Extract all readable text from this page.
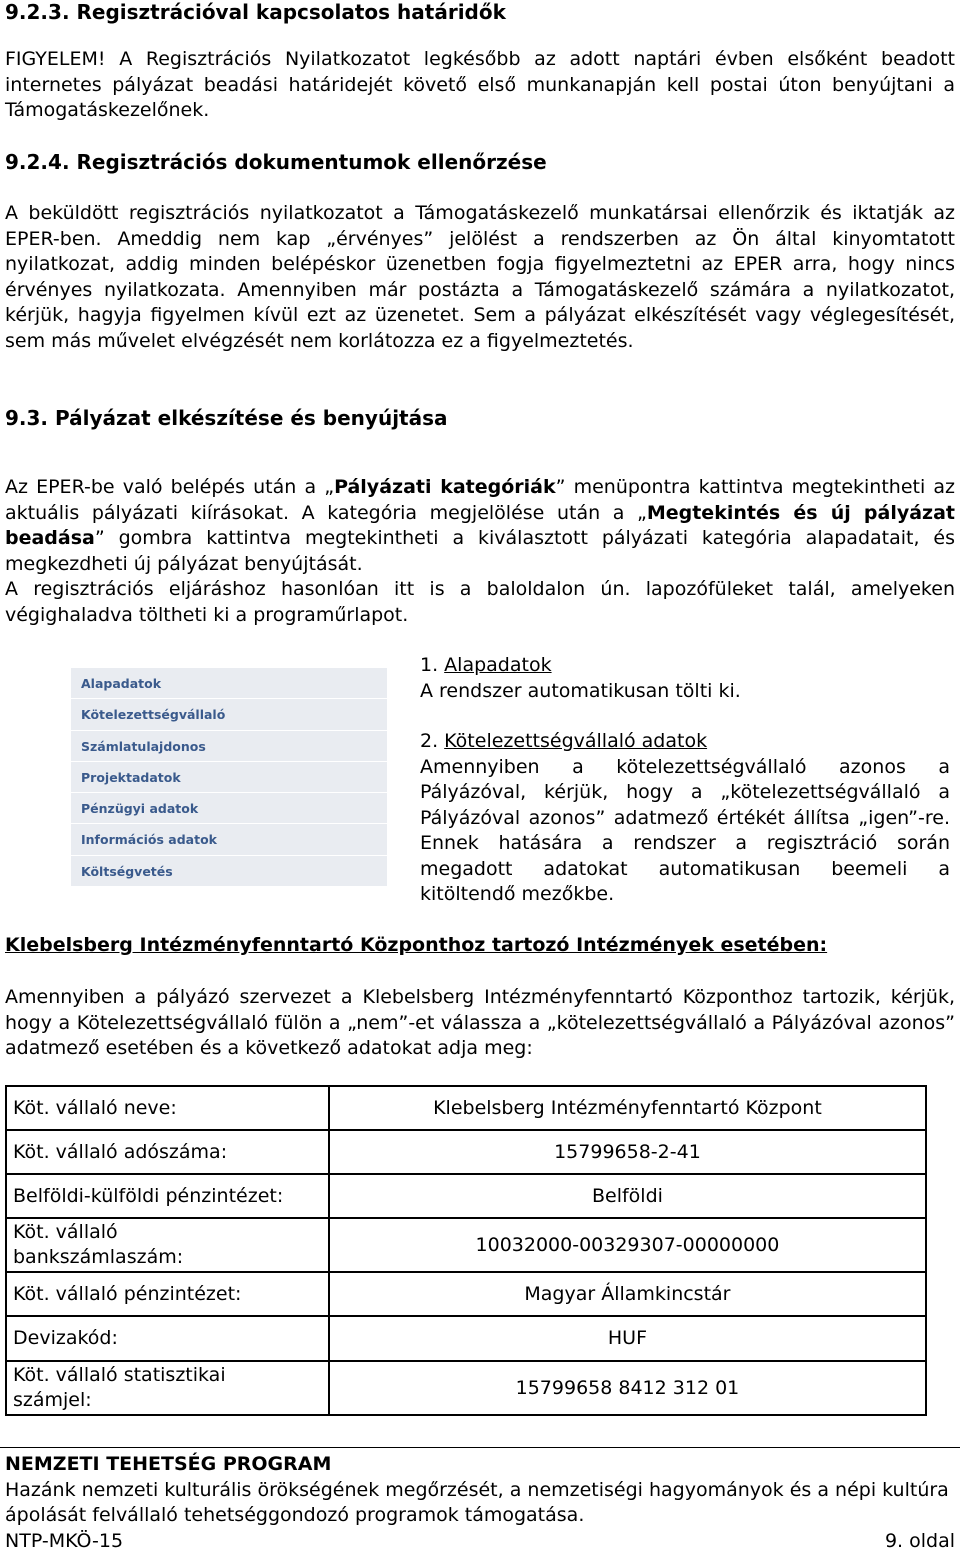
9.2.3. Regisztrációval kapcsolatos határidők

FIGYELEM! A Regisztrációs Nyilatkozatot legkésőbb az adott naptári évben elsőként beadott internetes pályázat beadási határidejét követő első munkanapján kell postai úton benyújtani a Támogatáskezelőnek.

9.2.4. Regisztrációs dokumentumok ellenőrzése

A beküldött regisztrációs nyilatkozatot a Támogatáskezelő munkatársai ellenőrzik és iktatják az EPER-ben. Ameddig nem kap „érvényes” jelölést a rendszerben az Ön által kinyomtatott nyilatkozat, addig minden belépéskor üzenetben fogja figyelmeztetni az EPER arra, hogy nincs érvényes nyilatkozata. Amennyiben már postázta a Támogatáskezelő számára a nyilatkozatot, kérjük, hagyja figyelmen kívül ezt az üzenetet. Sem a pályázat elkészítését vagy véglegesítését, sem más művelet elvégzését nem korlátozza ez a figyelmeztetés.

9.3. Pályázat elkészítése és benyújtása

Az EPER-be való belépés után a „Pályázati kategóriák” menüpontra kattintva megtekintheti az aktuális pályázati kiírásokat. A kategória megjelölése után a „Megtekintés és új pályázat beadása” gombra kattintva megtekintheti a kiválasztott pályázati kategória alapadatait, és megkezdheti új pályázat benyújtását.

A regisztrációs eljáráshoz hasonlóan itt is a baloldalon ún. lapozófüleket talál, amelyeken végighaladva töltheti ki a programűrlapot.

Alapadatok
Kötelezettségvállaló
Számlatulajdonos
Projektadatok
Pénzügyi adatok
Információs adatok
Költségvetés

1. Alapadatok

A rendszer automatikusan tölti ki.

2. Kötelezettségvállaló adatok

Amennyiben a kötelezettségvállaló azonos a Pályázóval, kérjük, hogy a „kötelezettségvállaló a Pályázóval azonos” adatmező értékét állítsa „igen”-re. Ennek hatására a rendszer a regisztráció során megadott adatokat automatikusan beemeli a kitöltendő mezőkbe.

Klebelsberg Intézményfenntartó Központhoz tartozó Intézmények esetében:

Amennyiben a pályázó szervezet a Klebelsberg Intézményfenntartó Központhoz tartozik, kérjük, hogy a Kötelezettségvállaló fülön a „nem”-et válassza a „kötelezettségvállaló a Pályázóval azonos” adatmező esetében és a következő adatokat adja meg:

Köt. vállaló neve:	Klebelsberg Intézményfenntartó Központ
Köt. vállaló adószáma:	15799658-2-41
Belföldi-külföldi pénzintézet:	Belföldi
Köt. vállaló bankszámlaszám:	10032000-00329307-00000000
Köt. vállaló pénzintézet:	Magyar Államkincstár
Devizakód:	HUF
Köt. vállaló statisztikai számjel:	15799658 8412 312 01

NEMZETI TEHETSÉG PROGRAM

Hazánk nemzeti kulturális örökségének megőrzését, a nemzetiségi hagyományok és a népi kultúra ápolását felvállaló tehetséggondozó programok támogatása.

NTP-MKÖ-15	9. oldal
